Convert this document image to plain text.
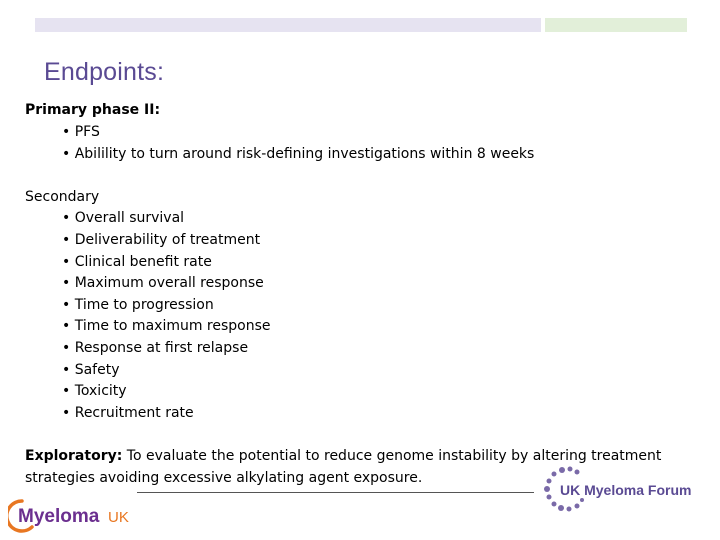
Endpoints:
Primary phase II:
• PFS
• Abilility to turn around risk-defining investigations within 8 weeks
Secondary
• Overall survival
• Deliverability of treatment
• Clinical benefit rate
• Maximum overall response
• Time to progression
• Time to maximum response
• Response at first relapse
• Safety
• Toxicity
• Recruitment rate
Exploratory: To evaluate the potential to reduce genome instability by altering treatment strategies avoiding excessive alkylating agent exposure.
Myeloma UK
UK Myeloma Forum
